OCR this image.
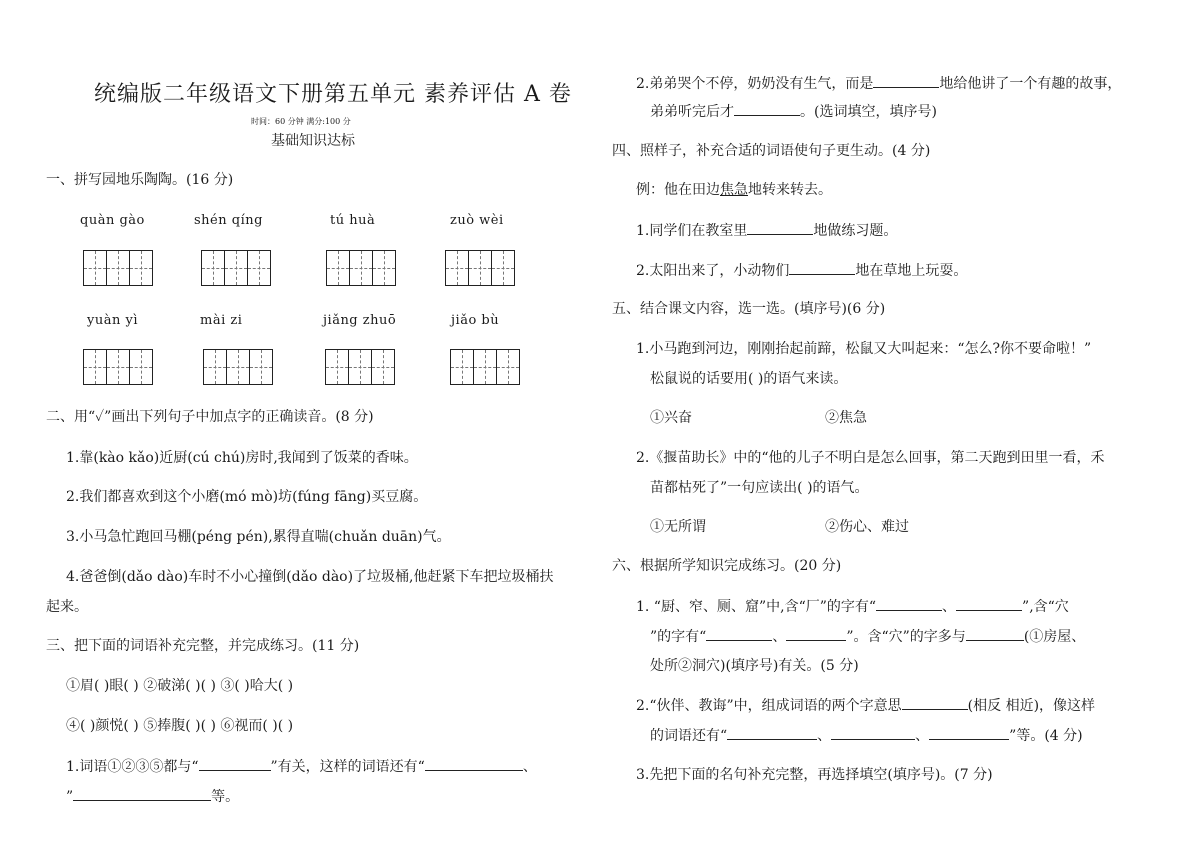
统编版二年级语文下册第五单元 素养评估 A 卷
时间：60 分钟 满分:100 分
基础知识达标
一、拼写园地乐陶陶。(16 分)
quàn gào	shén qíng	tú huà	zuò wèi
yuàn yì	mài zi	jiǎng zhuō	jiǎo bù
二、用“✓”画出下列句子中加点字的正确读音。(8 分)
1.靠(kào kǎo)近厨(cú chú)房时,我闻到了饭菜的香味。
2.我们都喜欢到这个小磨(mó mò)坊(fúng fāng)买豆腐。
3.小马急忙跑回马棚(péng pén),累得直喘(chuǎn duān)气。
4.爸爸倒(dǎo dào)车时不小心撞倒(dǎo dào)了垃圾桶,他赶紧下车把垃圾桶扶
起来。
三、把下面的词语补充完整，并完成练习。(11 分)
①眉( )眼( ) ②破涕( )( ) ③( )哈大( )
④( )颜悦( ) ⑤捧腹( )( ) ⑥视而( )( )
1.词语①②③⑤都与“	”有关，这样的词语还有“	、
”	等。
2.弟弟哭个不停，奶奶没有生气，而是	地给他讲了一个有趣的故事，
弟弟听完后才	。(选词填空，填序号)
四、照样子，补充合适的词语使句子更生动。(4 分)
例：他在田边焦急地转来转去。
1.同学们在教室里	地做练习题。
2.太阳出来了，小动物们	地在草地上玩耍。
五、结合课文内容，选一选。(填序号)(6 分)
1.小马跑到河边，刚刚抬起前蹄，松鼠又大叫起来：“怎么?你不要命啦！”
松鼠说的话要用( )的语气来读。
①兴奋	②焦急
2.《揠苗助长》中的“他的儿子不明白是怎么回事，第二天跑到田里一看，禾
苗都枯死了”一句应读出( )的语气。
①无所谓	②伤心、难过
六、根据所学知识完成练习。(20 分)
1. “厨、窄、厕、窟”中,含“厂”的字有“	、	”,含“穴
”的字有“	、	”。含“穴”的字多与	(①房屋、
处所②洞穴)(填序号)有关。(5 分)
2.“伙伴、教诲”中，组成词语的两个字意思	(相反 相近)，像这样
的词语还有“	、	、	”等。(4 分)
3.先把下面的名句补充完整，再选择填空(填序号)。(7 分)
